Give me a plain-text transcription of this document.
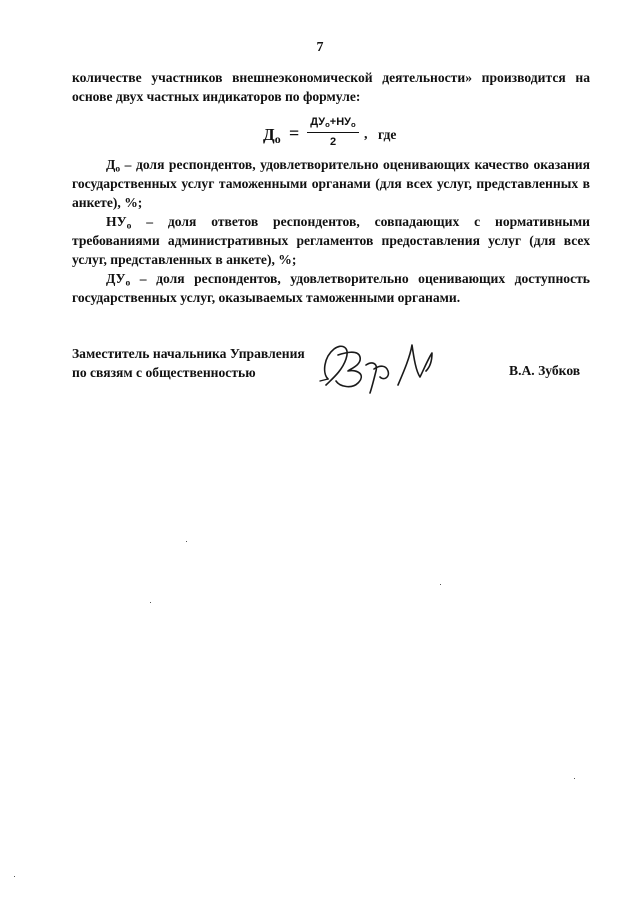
7

количестве участников внешнеэкономической деятельности» производится на основе двух частных индикаторов по формуле:

$Д_о$ =
$ДУ_о+НУ_о$
2	, где

$Д_о$ – доля респондентов, удовлетворительно оценивающих качество оказания государственных услуг таможенными органами (для всех услуг, представленных в анкете), %;

$НУ_о$ – доля ответов респондентов, совпадающих с нормативными требованиями административных регламентов предоставления услуг (для всех услуг, представленных в анкете), %;

$ДУ_о$ – доля респондентов, удовлетворительно оценивающих доступность государственных услуг, оказываемых таможенными органами.

Заместитель начальника Управления
по связям с общественностью	В.А. Зубков
